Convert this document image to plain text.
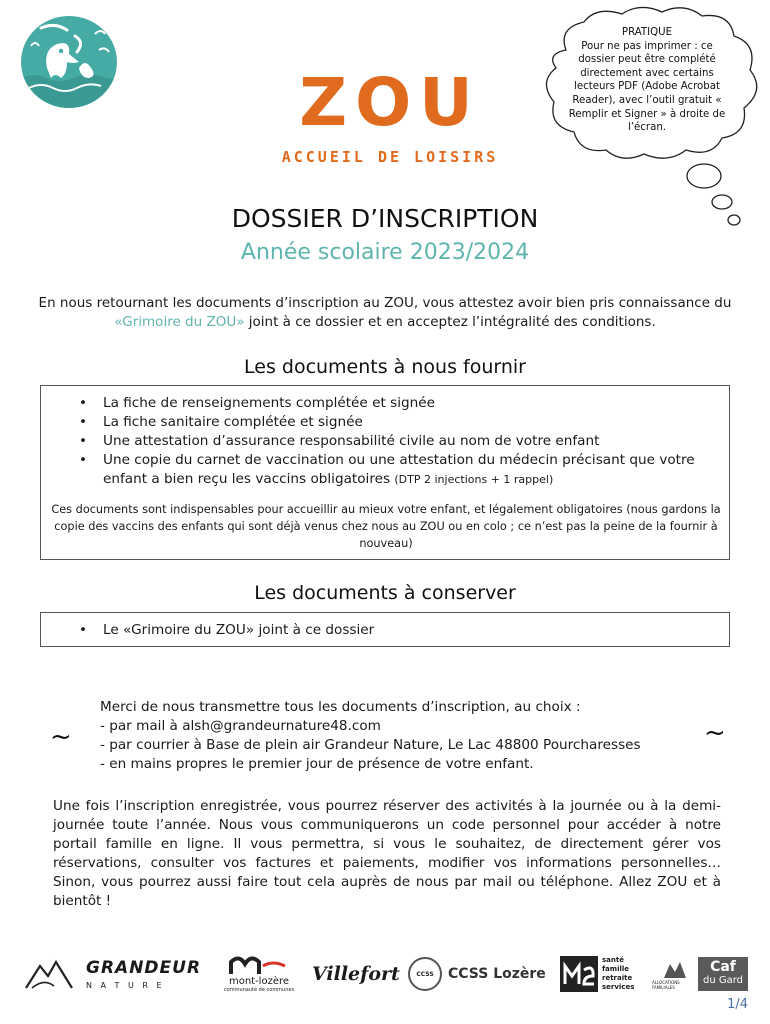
ZOU
ACCUEIL DE LOISIRS
PRATIQUE
Pour ne pas imprimer : ce dossier peut être complété directement avec certains lecteurs PDF (Adobe Acrobat Reader), avec l’outil gratuit « Remplir et Signer » à droite de l’écran.
DOSSIER D’INSCRIPTION
Année scolaire 2023/2024
En nous retournant les documents d’inscription au ZOU, vous attestez avoir bien pris connaissance du «Grimoire du ZOU» joint à ce dossier et en acceptez l’intégralité des conditions.
Les documents à nous fournir
• La fiche de renseignements complétée et signée
• La fiche sanitaire complétée et signée
• Une attestation d’assurance responsabilité civile au nom de votre enfant
• Une copie du carnet de vaccination ou une attestation du médecin précisant que votre enfant a bien reçu les vaccins obligatoires (DTP 2 injections + 1 rappel)
Ces documents sont indispensables pour accueillir au mieux votre enfant, et légalement obligatoires (nous gardons la copie des vaccins des enfants qui sont déjà venus chez nous au ZOU ou en colo ; ce n’est pas la peine de la fournir à nouveau)
Les documents à conserver
• Le «Grimoire du ZOU» joint à ce dossier
~	~
Merci de nous transmettre tous les documents d’inscription, au choix :
- par mail à alsh@grandeurnature48.com
- par courrier à Base de plein air Grandeur Nature, Le Lac 48800 Pourcharesses
- en mains propres le premier jour de présence de votre enfant.
Une fois l’inscription enregistrée, vous pourrez réserver des activités à la journée ou à la demi-journée toute l’année. Nous vous communiquerons un code personnel pour accéder à notre portail famille en ligne. Il vous permettra, si vous le souhaitez, de directement gérer vos réservations, consulter vos factures et paiements, modifier vos informations personnelles… Sinon, vous pourrez aussi faire tout cela auprès de nous par mail ou téléphone. Allez ZOU et à bientôt !
GRANDEUR
N A T U R E	mont-lozère
communauté de communes
Villefort	CCSS	CCSS Lozère
santé
famille
retraite
services
ALLOCATIONS FAMILIALES
Caf
du Gard
1/4
